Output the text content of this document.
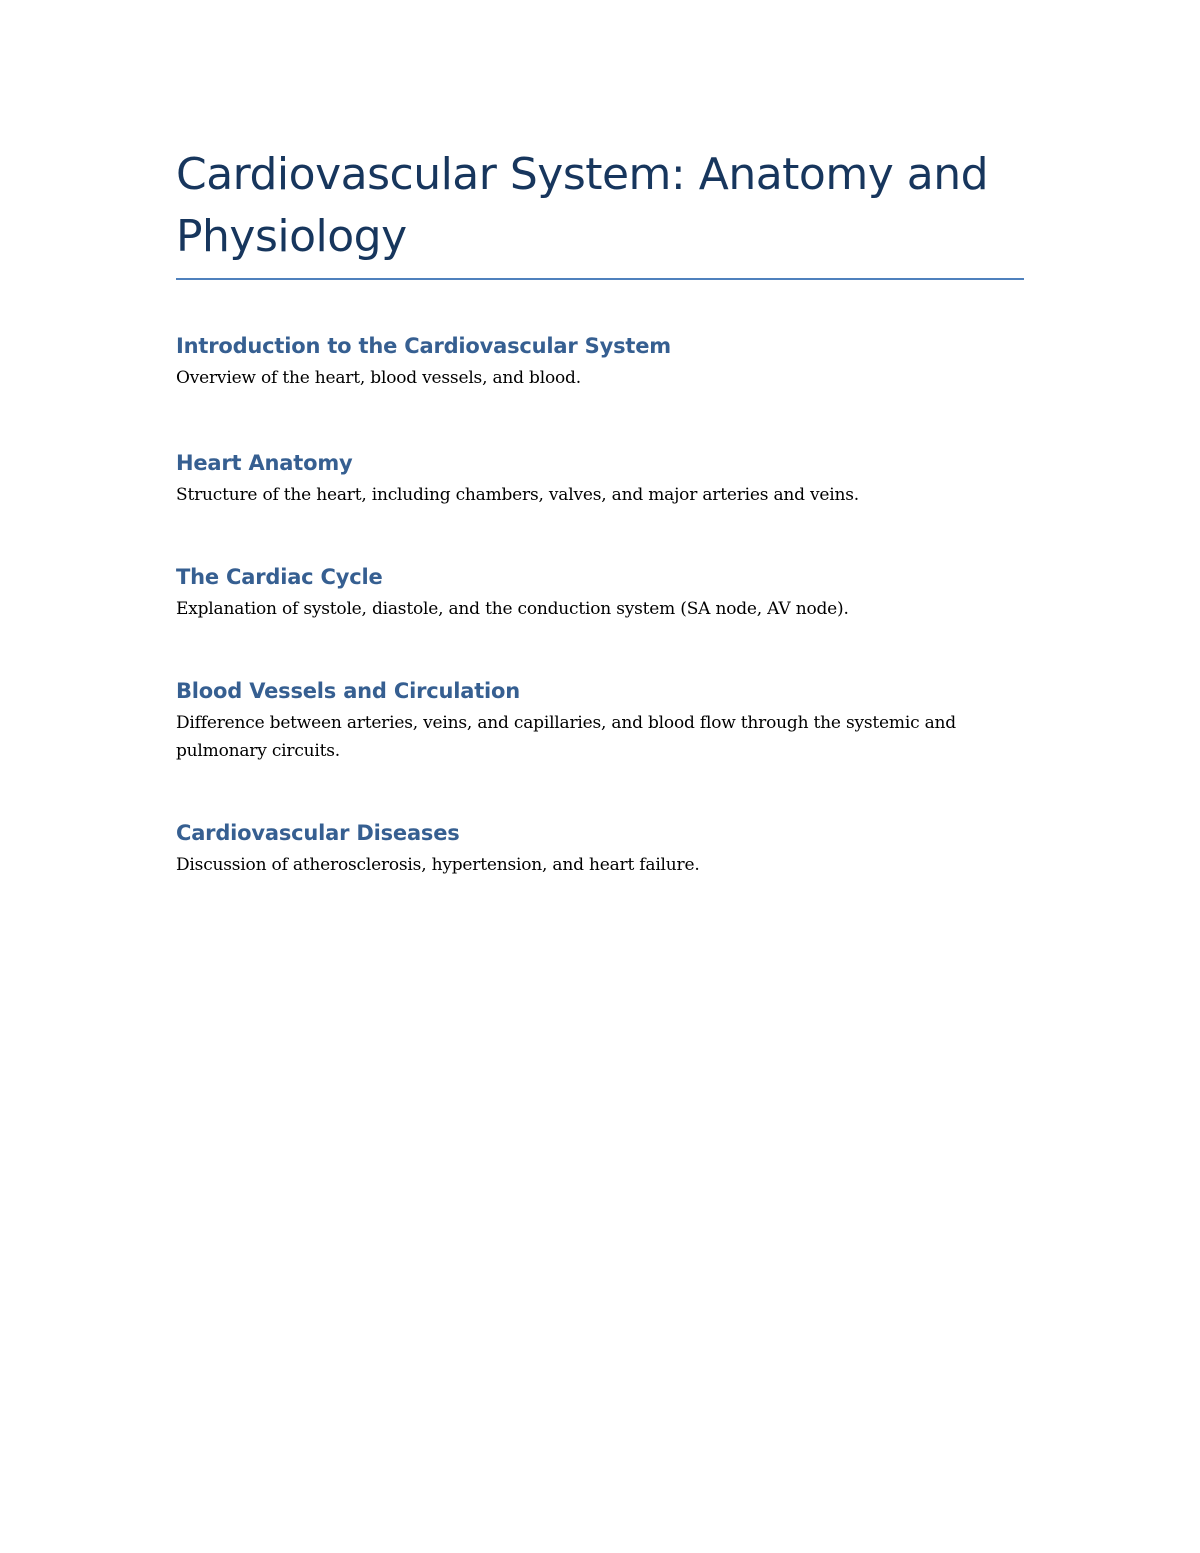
Cardiovascular System: Anatomy and Physiology
Introduction to the Cardiovascular System

Overview of the heart, blood vessels, and blood.

Heart Anatomy

Structure of the heart, including chambers, valves, and major arteries and veins.

The Cardiac Cycle

Explanation of systole, diastole, and the conduction system (SA node, AV node).

Blood Vessels and Circulation

Difference between arteries, veins, and capillaries, and blood flow through the systemic and pulmonary circuits.

Cardiovascular Diseases

Discussion of atherosclerosis, hypertension, and heart failure.
